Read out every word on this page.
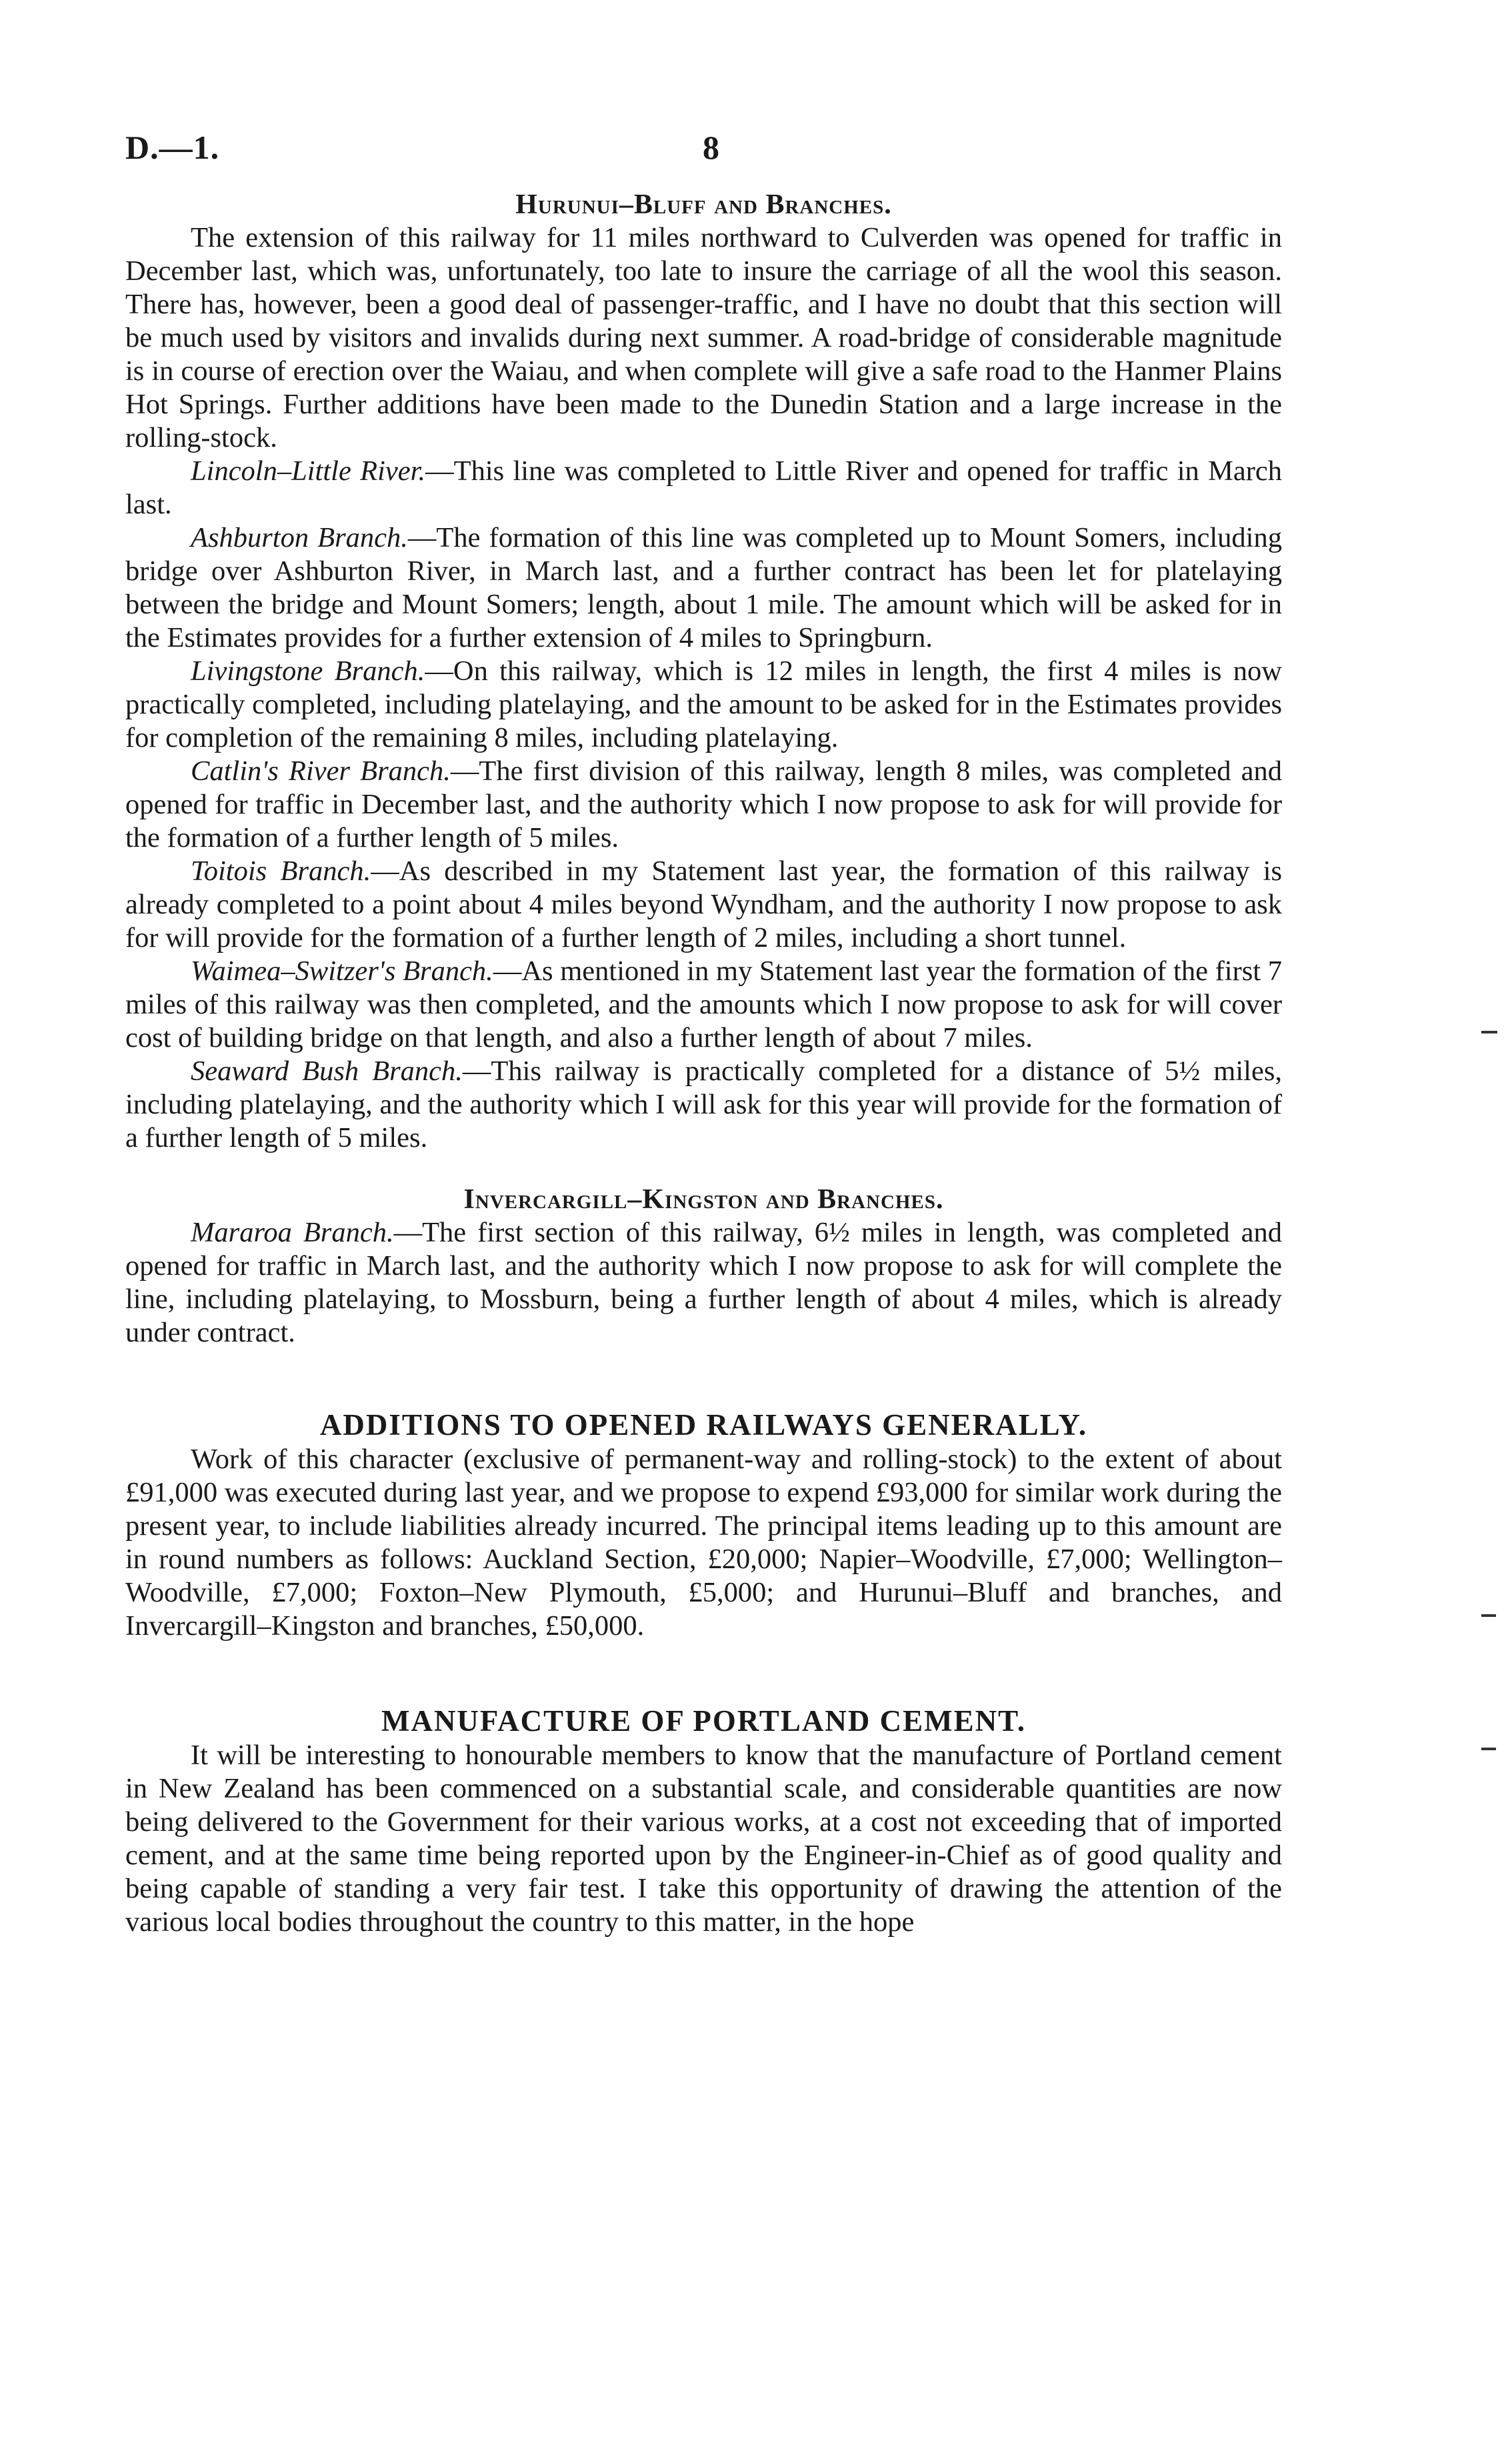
D.—1.	8
Hurunui–Bluff and Branches.

The extension of this railway for 11 miles northward to Culverden was opened for traffic in December last, which was, unfortunately, too late to insure the carriage of all the wool this season. There has, however, been a good deal of passenger-traffic, and I have no doubt that this section will be much used by visitors and invalids during next summer. A road-bridge of considerable magnitude is in course of erection over the Waiau, and when complete will give a safe road to the Hanmer Plains Hot Springs. Further additions have been made to the Dunedin Station and a large increase in the rolling-stock.

Lincoln–Little River.—This line was completed to Little River and opened for traffic in March last.

Ashburton Branch.—The formation of this line was completed up to Mount Somers, including bridge over Ashburton River, in March last, and a further contract has been let for platelaying between the bridge and Mount Somers; length, about 1 mile. The amount which will be asked for in the Estimates provides for a further extension of 4 miles to Springburn.

Livingstone Branch.—On this railway, which is 12 miles in length, the first 4 miles is now practically completed, including platelaying, and the amount to be asked for in the Estimates provides for completion of the remaining 8 miles, including platelaying.

Catlin's River Branch.—The first division of this railway, length 8 miles, was completed and opened for traffic in December last, and the authority which I now propose to ask for will provide for the formation of a further length of 5 miles.

Toitois Branch.—As described in my Statement last year, the formation of this railway is already completed to a point about 4 miles beyond Wyndham, and the authority I now propose to ask for will provide for the formation of a further length of 2 miles, including a short tunnel.

Waimea–Switzer's Branch.—As mentioned in my Statement last year the formation of the first 7 miles of this railway was then completed, and the amounts which I now propose to ask for will cover cost of building bridge on that length, and also a further length of about 7 miles.

Seaward Bush Branch.—This railway is practically completed for a distance of 5½ miles, including platelaying, and the authority which I will ask for this year will provide for the formation of a further length of 5 miles.

Invercargill–Kingston and Branches.

Mararoa Branch.—The first section of this railway, 6½ miles in length, was completed and opened for traffic in March last, and the authority which I now propose to ask for will complete the line, including platelaying, to Mossburn, being a further length of about 4 miles, which is already under contract.

ADDITIONS TO OPENED RAILWAYS GENERALLY.

Work of this character (exclusive of permanent-way and rolling-stock) to the extent of about £91,000 was executed during last year, and we propose to expend £93,000 for similar work during the present year, to include liabilities already incurred. The principal items leading up to this amount are in round numbers as follows: Auckland Section, £20,000; Napier–Woodville, £7,000; Wellington–Woodville, £7,000; Foxton–New Plymouth, £5,000; and Hurunui–Bluff and branches, and Invercargill–Kingston and branches, £50,000.

MANUFACTURE OF PORTLAND CEMENT.

It will be interesting to honourable members to know that the manufacture of Portland cement in New Zealand has been commenced on a substantial scale, and considerable quantities are now being delivered to the Government for their various works, at a cost not exceeding that of imported cement, and at the same time being reported upon by the Engineer-in-Chief as of good quality and being capable of standing a very fair test. I take this opportunity of drawing the attention of the various local bodies throughout the country to this matter, in the hope
